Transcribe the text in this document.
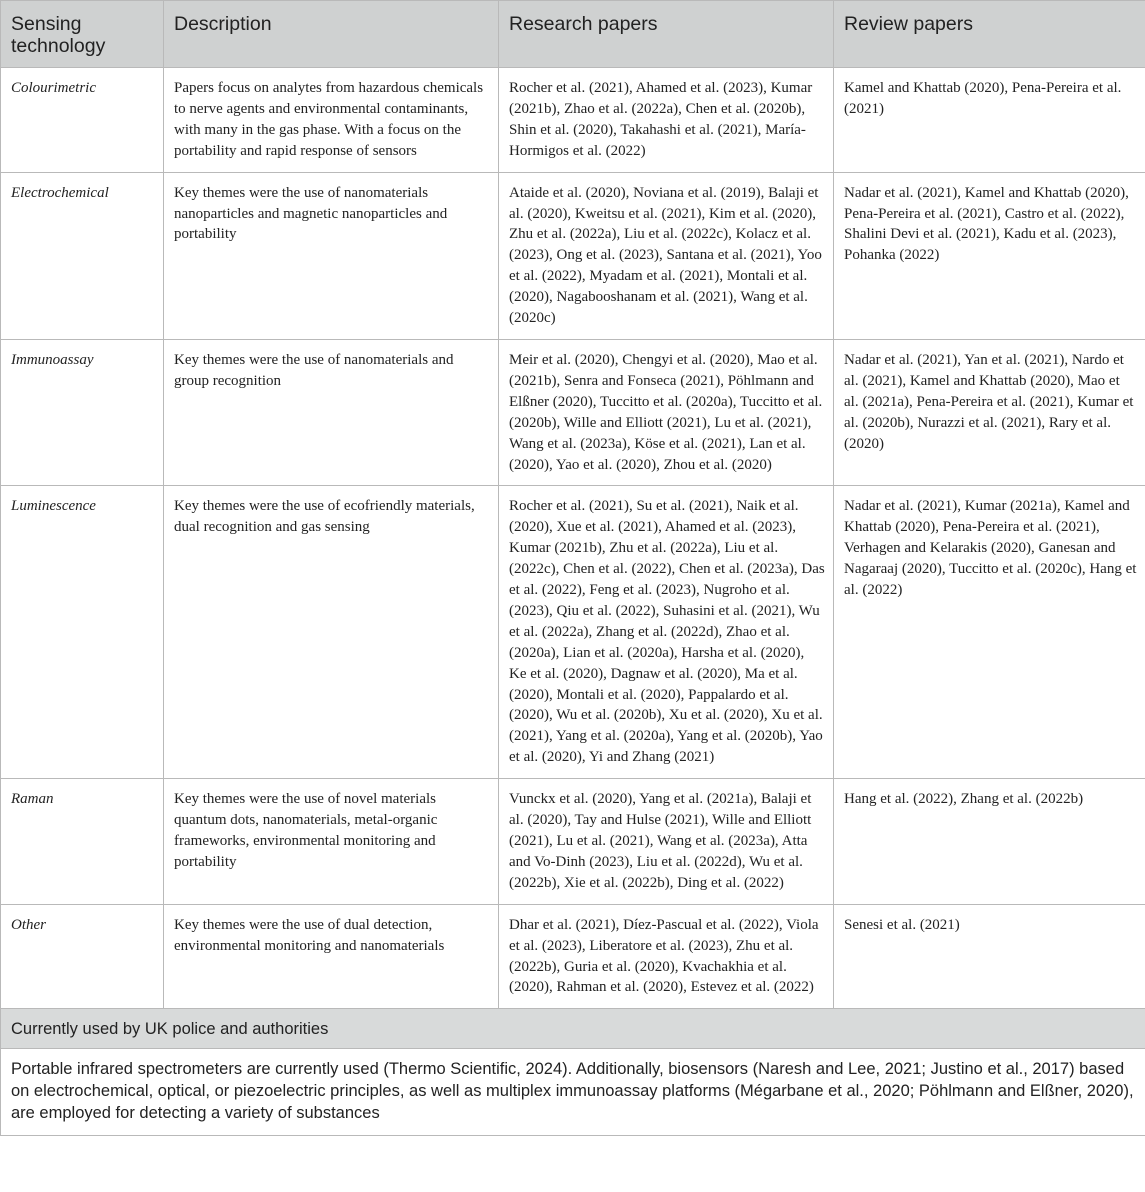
Sensing technology	Description	Research papers	Review papers
Colourimetric	Papers focus on analytes from hazardous chemicals to nerve agents and environmental contaminants, with many in the gas phase. With a focus on the portability and rapid response of sensors	Rocher et al. (2021), Ahamed et al. (2023), Kumar (2021b), Zhao et al. (2022a), Chen et al. (2020b), Shin et al. (2020), Takahashi et al. (2021), María-Hormigos et al. (2022)	Kamel and Khattab (2020), Pena-Pereira et al. (2021)
Electrochemical	Key themes were the use of nanomaterials nanoparticles and magnetic nanoparticles and portability	Ataide et al. (2020), Noviana et al. (2019), Balaji et al. (2020), Kweitsu et al. (2021), Kim et al. (2020), Zhu et al. (2022a), Liu et al. (2022c), Kolacz et al. (2023), Ong et al. (2023), Santana et al. (2021), Yoo et al. (2022), Myadam et al. (2021), Montali et al. (2020), Nagabooshanam et al. (2021), Wang et al. (2020c)	Nadar et al. (2021), Kamel and Khattab (2020), Pena-Pereira et al. (2021), Castro et al. (2022), Shalini Devi et al. (2021), Kadu et al. (2023), Pohanka (2022)
Immunoassay	Key themes were the use of nanomaterials and group recognition	Meir et al. (2020), Chengyi et al. (2020), Mao et al. (2021b), Senra and Fonseca (2021), Pöhlmann and Elßner (2020), Tuccitto et al. (2020a), Tuccitto et al. (2020b), Wille and Elliott (2021), Lu et al. (2021), Wang et al. (2023a), Köse et al. (2021), Lan et al. (2020), Yao et al. (2020), Zhou et al. (2020)	Nadar et al. (2021), Yan et al. (2021), Nardo et al. (2021), Kamel and Khattab (2020), Mao et al. (2021a), Pena-Pereira et al. (2021), Kumar et al. (2020b), Nurazzi et al. (2021), Rary et al. (2020)
Luminescence	Key themes were the use of ecofriendly materials, dual recognition and gas sensing	Rocher et al. (2021), Su et al. (2021), Naik et al. (2020), Xue et al. (2021), Ahamed et al. (2023), Kumar (2021b), Zhu et al. (2022a), Liu et al. (2022c), Chen et al. (2022), Chen et al. (2023a), Das et al. (2022), Feng et al. (2023), Nugroho et al. (2023), Qiu et al. (2022), Suhasini et al. (2021), Wu et al. (2022a), Zhang et al. (2022d), Zhao et al. (2020a), Lian et al. (2020a), Harsha et al. (2020), Ke et al. (2020), Dagnaw et al. (2020), Ma et al. (2020), Montali et al. (2020), Pappalardo et al. (2020), Wu et al. (2020b), Xu et al. (2020), Xu et al. (2021), Yang et al. (2020a), Yang et al. (2020b), Yao et al. (2020), Yi and Zhang (2021)	Nadar et al. (2021), Kumar (2021a), Kamel and Khattab (2020), Pena-Pereira et al. (2021), Verhagen and Kelarakis (2020), Ganesan and Nagaraaj (2020), Tuccitto et al. (2020c), Hang et al. (2022)
Raman	Key themes were the use of novel materials quantum dots, nanomaterials, metal-organic frameworks, environmental monitoring and portability	Vunckx et al. (2020), Yang et al. (2021a), Balaji et al. (2020), Tay and Hulse (2021), Wille and Elliott (2021), Lu et al. (2021), Wang et al. (2023a), Atta and Vo-Dinh (2023), Liu et al. (2022d), Wu et al. (2022b), Xie et al. (2022b), Ding et al. (2022)	Hang et al. (2022), Zhang et al. (2022b)
Other	Key themes were the use of dual detection, environmental monitoring and nanomaterials	Dhar et al. (2021), Díez-Pascual et al. (2022), Viola et al. (2023), Liberatore et al. (2023), Zhu et al. (2022b), Guria et al. (2020), Kvachakhia et al. (2020), Rahman et al. (2020), Estevez et al. (2022)	Senesi et al. (2021)
Currently used by UK police and authorities			
Portable infrared spectrometers are currently used (Thermo Scientific, 2024). Additionally, biosensors (Naresh and Lee, 2021; Justino et al., 2017) based on electrochemical, optical, or piezoelectric principles, as well as multiplex immunoassay platforms (Mégarbane et al., 2020; Pöhlmann and Elßner, 2020), are employed for detecting a variety of substances			
